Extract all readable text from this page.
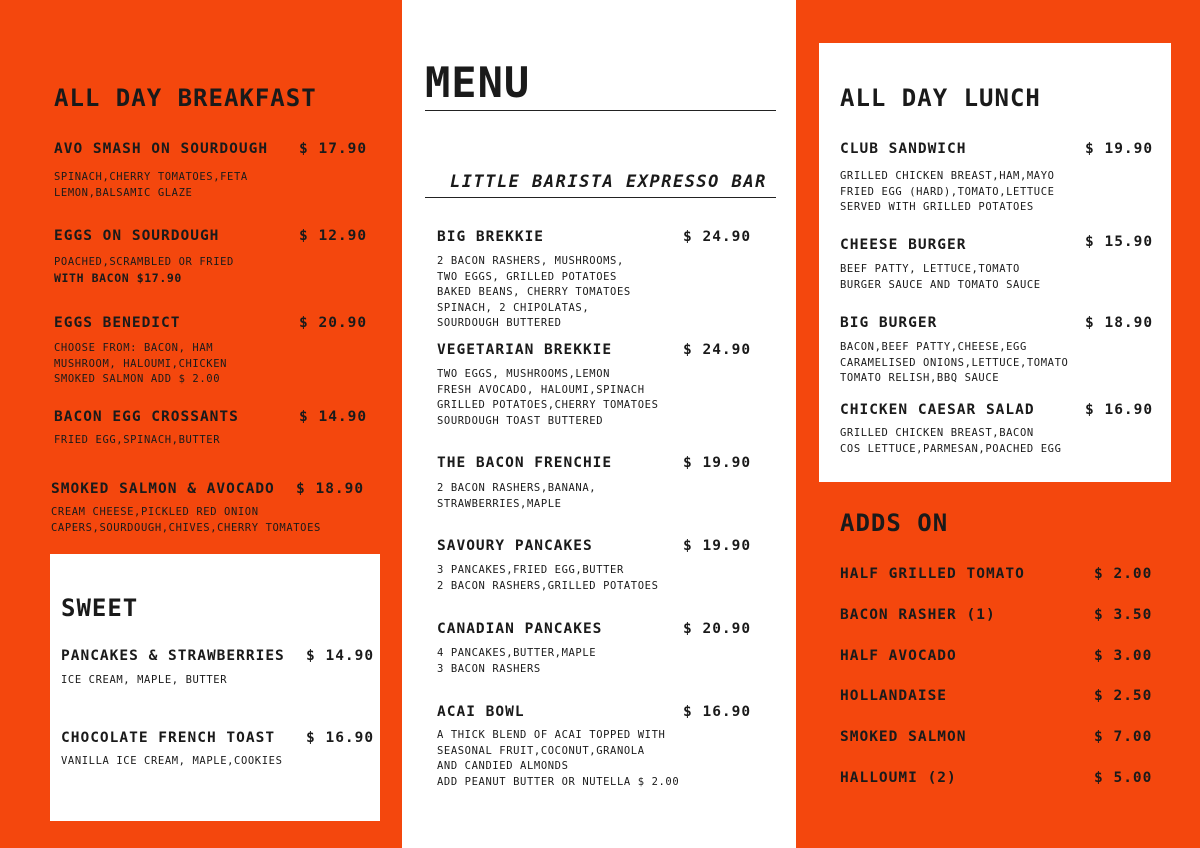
ALL DAY BREAKFAST
AVO SMASH ON SOURDOUGH $ 17.90
SPINACH,CHERRY TOMATOES,FETA
LEMON,BALSAMIC GLAZE
EGGS ON SOURDOUGH	$ 12.90
POACHED,SCRAMBLED OR FRIED
WITH BACON $17.90
EGGS BENEDICT	$ 20.90
CHOOSE FROM: BACON, HAM
MUSHROOM, HALOUMI,CHICKEN
SMOKED SALMON ADD $ 2.00
BACON EGG CROSSANTS	$ 14.90
FRIED EGG,SPINACH,BUTTER
SMOKED SALMON & AVOCADO $ 18.90
CREAM CHEESE,PICKLED RED ONION
CAPERS,SOURDOUGH,CHIVES,CHERRY TOMATOES
SWEET
PANCAKES & STRAWBERRIES $ 14.90
ICE CREAM, MAPLE, BUTTER
CHOCOLATE FRENCH TOAST $ 16.90
VANILLA ICE CREAM, MAPLE,COOKIES
MENU
LITTLE BARISTA EXPRESSO BAR
BIG BREKKIE	$ 24.90
2 BACON RASHERS, MUSHROOMS,
TWO EGGS, GRILLED POTATOES
BAKED BEANS, CHERRY TOMATOES
SPINACH, 2 CHIPOLATAS,
SOURDOUGH BUTTERED
VEGETARIAN BREKKIE	$ 24.90
TWO EGGS, MUSHROOMS,LEMON
FRESH AVOCADO, HALOUMI,SPINACH
GRILLED POTATOES,CHERRY TOMATOES
SOURDOUGH TOAST BUTTERED
THE BACON FRENCHIE	$ 19.90
2 BACON RASHERS,BANANA,
STRAWBERRIES,MAPLE
SAVOURY PANCAKES	$ 19.90
3 PANCAKES,FRIED EGG,BUTTER
2 BACON RASHERS,GRILLED POTATOES
CANADIAN PANCAKES	$ 20.90
4 PANCAKES,BUTTER,MAPLE
3 BACON RASHERS
ACAI BOWL	$ 16.90
A THICK BLEND OF ACAI TOPPED WITH
SEASONAL FRUIT,COCONUT,GRANOLA
AND CANDIED ALMONDS
ADD PEANUT BUTTER OR NUTELLA $ 2.00
ALL DAY LUNCH
CLUB SANDWICH	$ 19.90
GRILLED CHICKEN BREAST,HAM,MAYO
FRIED EGG (HARD),TOMATO,LETTUCE
SERVED WITH GRILLED POTATOES
CHEESE BURGER	$ 15.90
BEEF PATTY, LETTUCE,TOMATO
BURGER SAUCE AND TOMATO SAUCE
BIG BURGER	$ 18.90
BACON,BEEF PATTY,CHEESE,EGG
CARAMELISED ONIONS,LETTUCE,TOMATO
TOMATO RELISH,BBQ SAUCE
CHICKEN CAESAR SALAD	$ 16.90
GRILLED CHICKEN BREAST,BACON
COS LETTUCE,PARMESAN,POACHED EGG
ADDS ON
HALF GRILLED TOMATO	$ 2.00
BACON RASHER (1)	$ 3.50
HALF AVOCADO	$ 3.00
HOLLANDAISE	$ 2.50
SMOKED SALMON	$ 7.00
HALLOUMI (2)	$ 5.00
